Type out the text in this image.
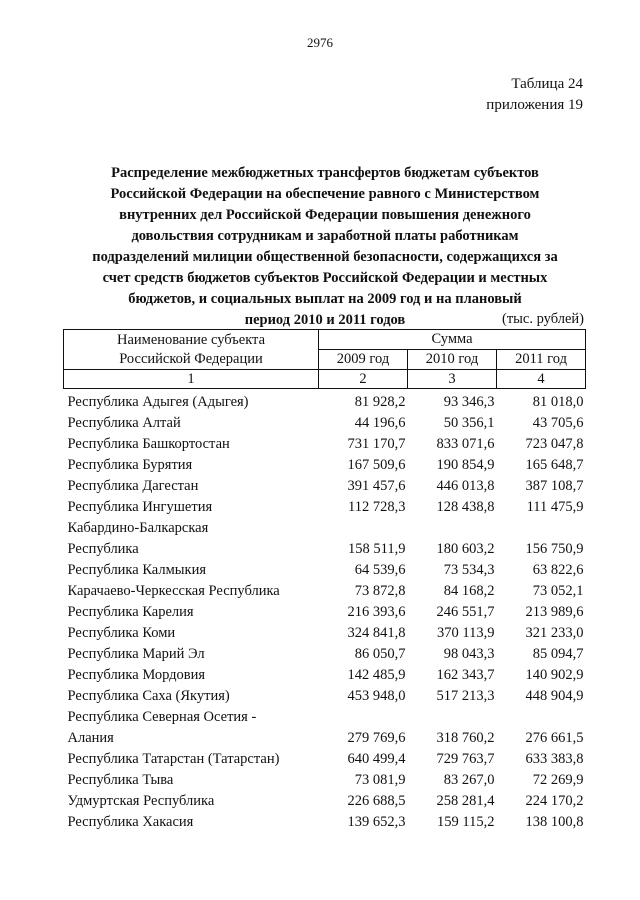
2976
Таблица 24
приложения 19
Распределение межбюджетных трансфертов бюджетам субъектов
Российской Федерации на обеспечение равного с Министерством
внутренних дел Российской Федерации повышения денежного
довольствия сотрудникам и заработной платы работникам
подразделений милиции общественной безопасности, содержащихся за
счет средств бюджетов субъектов Российской Федерации и местных
бюджетов, и социальных выплат на 2009 год и на плановый
период 2010 и 2011 годов	(тыс. рублей)
Наименование субъекта
Российской Федерации	Сумма		
	2009 год	2010 год	2011 год
1	2	3	4

Республика Адыгея (Адыгея)	81 928,2	93 346,3	81 018,0

Республика Алтай	44 196,6	50 356,1	43 705,6

Республика Башкортостан	731 170,7	833 071,6	723 047,8

Республика Бурятия	167 509,6	190 854,9	165 648,7

Республика Дагестан	391 457,6	446 013,8	387 108,7

Республика Ингушетия	112 728,3	128 438,8	111 475,9

Кабардино-Балкарская
Республика	158 511,9	180 603,2	156 750,9

Республика Калмыкия	64 539,6	73 534,3	63 822,6

Карачаево-Черкесская Республика	73 872,8	84 168,2	73 052,1

Республика Карелия	216 393,6	246 551,7	213 989,6

Республика Коми	324 841,8	370 113,9	321 233,0

Республика Марий Эл	86 050,7	98 043,3	85 094,7

Республика Мордовия	142 485,9	162 343,7	140 902,9

Республика Саха (Якутия)	453 948,0	517 213,3	448 904,9

Республика Северная Осетия -
Алания	279 769,6	318 760,2	276 661,5

Республика Татарстан (Татарстан)	640 499,4	729 763,7	633 383,8

Республика Тыва	73 081,9	83 267,0	72 269,9

Удмуртская Республика	226 688,5	258 281,4	224 170,2

Республика Хакасия	139 652,3	159 115,2	138 100,8
